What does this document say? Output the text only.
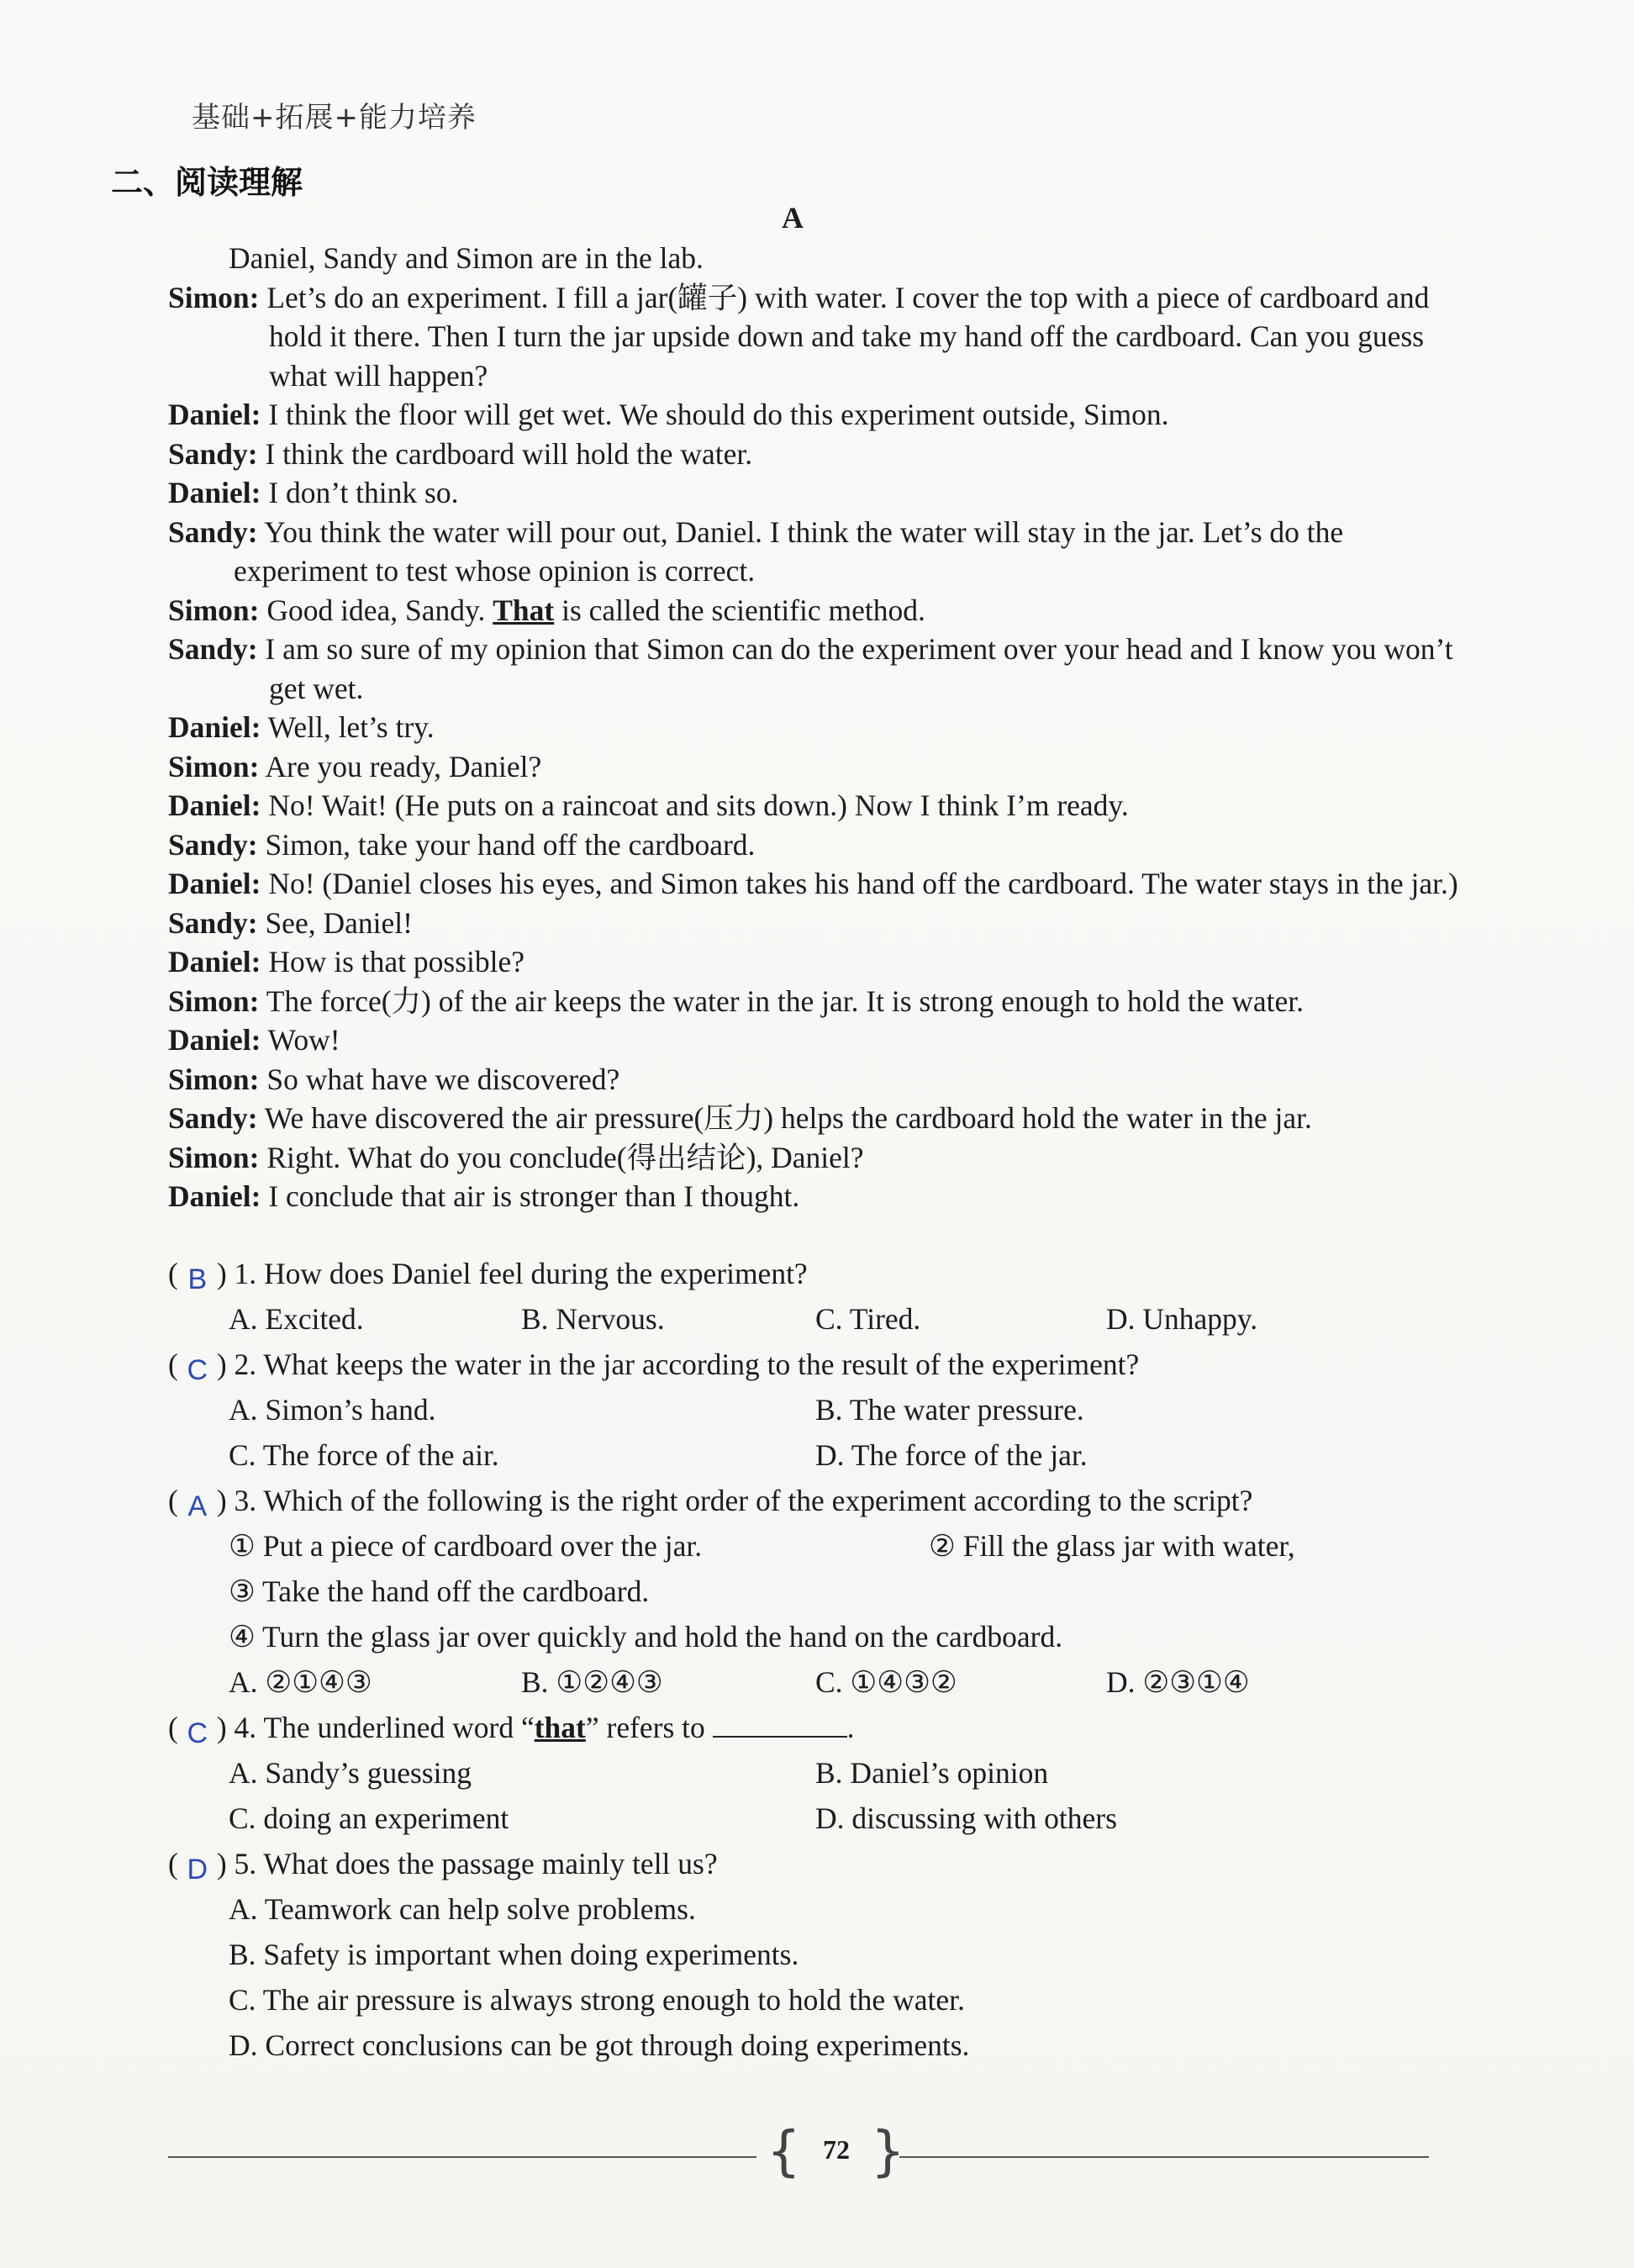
基础+拓展+能力培养
二、阅读理解
A
Daniel, Sandy and Simon are in the lab.
Simon: Let’s do an experiment. I fill a jar(罐子) with water. I cover the top with a piece of cardboard and hold it there. Then I turn the jar upside down and take my hand off the cardboard. Can you guess what will happen?
Daniel: I think the floor will get wet. We should do this experiment outside, Simon.
Sandy: I think the cardboard will hold the water.
Daniel: I don’t think so.
Sandy: You think the water will pour out, Daniel. I think the water will stay in the jar. Let’s do the experiment to test whose opinion is correct.
Simon: Good idea, Sandy. That is called the scientific method.
Sandy: I am so sure of my opinion that Simon can do the experiment over your head and I know you won’t get wet.
Daniel: Well, let’s try.
Simon: Are you ready, Daniel?
Daniel: No! Wait! (He puts on a raincoat and sits down.) Now I think I’m ready.
Sandy: Simon, take your hand off the cardboard.
Daniel: No! (Daniel closes his eyes, and Simon takes his hand off the cardboard. The water stays in the jar.)
Sandy: See, Daniel!
Daniel: How is that possible?
Simon: The force(力) of the air keeps the water in the jar. It is strong enough to hold the water.
Daniel: Wow!
Simon: So what have we discovered?
Sandy: We have discovered the air pressure(压力) helps the cardboard hold the water in the jar.
Simon: Right. What do you conclude(得出结论), Daniel?
Daniel: I conclude that air is stronger than I thought.
( B ) 1. How does Daniel feel during the experiment?
A. Excited.	B. Nervous.	C. Tired.	D. Unhappy.
( C ) 2. What keeps the water in the jar according to the result of the experiment?
A. Simon’s hand.	B. The water pressure.
C. The force of the air.	D. The force of the jar.
( A ) 3. Which of the following is the right order of the experiment according to the script?
① Put a piece of cardboard over the jar.	② Fill the glass jar with water,
③ Take the hand off the cardboard.
④ Turn the glass jar over quickly and hold the hand on the cardboard.
A. ②①④③	B. ①②④③	C. ①④③②	D. ②③①④
( C ) 4. The underlined word “that” refers to	.
A. Sandy’s guessing	B. Daniel’s opinion
C. doing an experiment	D. discussing with others
( D ) 5. What does the passage mainly tell us?
A. Teamwork can help solve problems.
B. Safety is important when doing experiments.
C. The air pressure is always strong enough to hold the water.
D. Correct conclusions can be got through doing experiments.
{ 72 }
